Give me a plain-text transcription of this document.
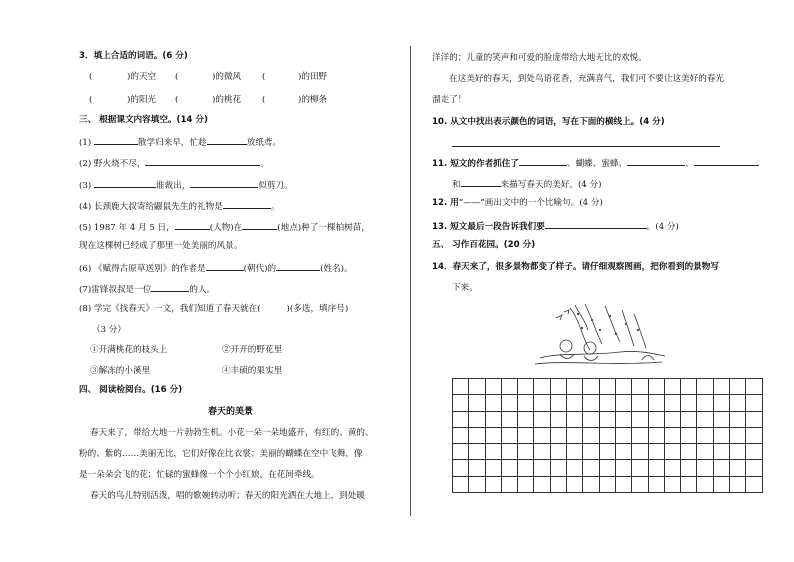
3．填上合适的词语。(6 分)
(	)的天空 (	)的微风 (	)的田野
(	)的阳光 (	)的桃花 (	)的柳条
三、 根据课文内容填空。(14 分)
(1)	散学归来早，忙趁	放纸鸢。
(2) 野火烧不尽，	。
(3)	谁裁出，	似剪刀。
(4) 长颈鹿大叔寄给鼹鼠先生的礼物是	。
(5) 1987 年 4 月 5 日，	(人物)在	(地点)种了一棵柏树苗，
现在这棵树已经成了那里一处美丽的风景。
(6) 《赋得古原草送别》的作者是	(朝代)的	(姓名)。
(7)雷锋叔叔是一位	的人。
(8) 学完《找春天》一文，我们知道了春天就在(	)(多选，填序号)
（3 分）
①开满桃花的枝头上	②开开的野花里
③解冻的小溪里	④丰硕的果实里
四、 阅读检阅台。(16 分)
春天的美景
春天来了，带给大地一片勃勃生机。小花一朵一朵地盛开，有红的、黄的、
粉的、紫的……美丽无比，它们好像在比衣裳；美丽的蝴蝶在空中飞舞，像
是一朵朵会飞的花；忙碌的蜜蜂像一个个小红娘，在花间牵线。
春天的鸟儿特别活泼，唱的歌婉转动听；春天的阳光洒在大地上，到处暖
洋洋的；儿童的笑声和可爱的脸庞带给大地无比的欢悦。
在这美好的春天，到处鸟语花香，充满喜气，我们可不要让这美好的春光
溜走了！
10. 从文中找出表示颜色的词语，写在下面的横线上。(4 分)
11. 短文的作者抓住了	、蝴蝶、蜜蜂、	、
和	来描写春天的美好。(4 分)
12. 用“——”画出文中的一个比喻句。(4 分)
13. 短文最后一段告诉我们要	。(4 分)
五、 习作百花园。(20 分)
14．春天来了，很多景物都变了样子。请仔细观察图画，把你看到的景物写
下来。
